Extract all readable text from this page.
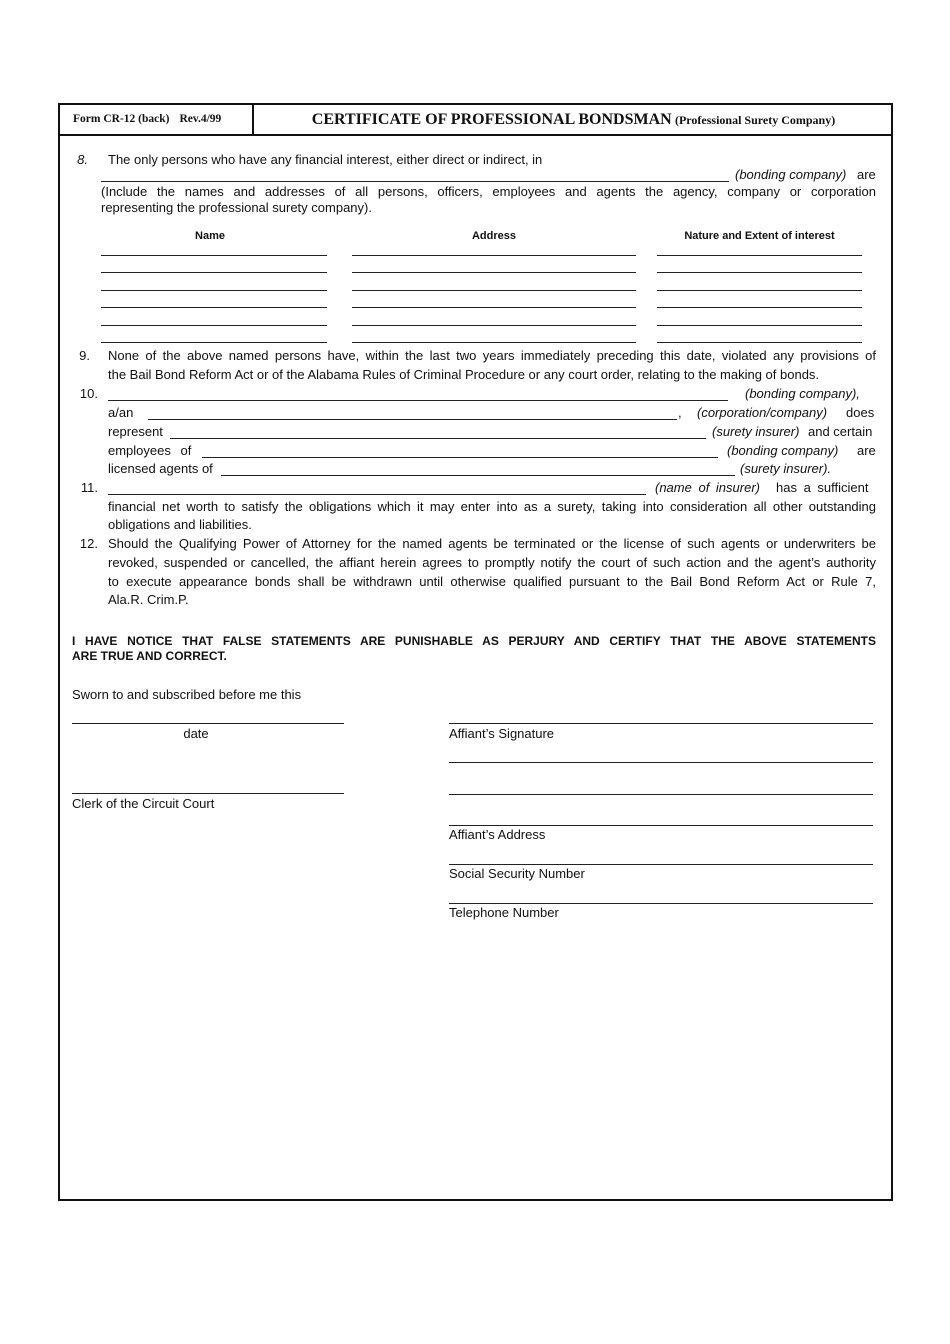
Form CR-12 (back) Rev.4/99	CERTIFICATE OF PROFESSIONAL BONDSMAN (Professional Surety Company)
8. The only persons who have any financial interest, either direct or indirect, in
(bonding company) are
(Include the names and addresses of all persons, officers, employees and agents the agency, company or corporation
representing the professional surety company).
Name	Address	Nature and Extent of interest
9. None of the above named persons have, within the last two years immediately preceding this date, violated any provisions of
the Bail Bond Reform Act or of the Alabama Rules of Criminal Procedure or any court order, relating to the making of bonds.
10.	(bonding company),
a/an	, (corporation/company) does
represent	(surety insurer) and certain
employees of	(bonding company) are
licensed agents of	(surety insurer).
11.	(name of insurer) has a sufficient
financial net worth to satisfy the obligations which it may enter into as a surety, taking into consideration all other outstanding
obligations and liabilities.
12. Should the Qualifying Power of Attorney for the named agents be terminated or the license of such agents or underwriters be
revoked, suspended or cancelled, the affiant herein agrees to promptly notify the court of such action and the agent’s authority
to execute appearance bonds shall be withdrawn until otherwise qualified pursuant to the Bail Bond Reform Act or Rule 7,
Ala.R. Crim.P.
I HAVE NOTICE THAT FALSE STATEMENTS ARE PUNISHABLE AS PERJURY AND CERTIFY THAT THE ABOVE STATEMENTS
ARE TRUE AND CORRECT.
Sworn to and subscribed before me this
date	Affiant’s Signature
Clerk of the Circuit Court
Affiant’s Address
Social Security Number
Telephone Number
